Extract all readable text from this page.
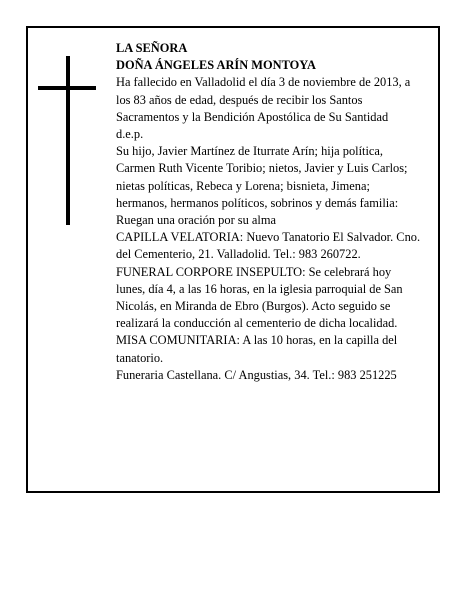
LA SEÑORA

DOÑA ÁNGELES ARÍN MONTOYA

Ha fallecido en Valladolid el día 3 de noviembre de 2013, a los 83 años de edad, después de recibir los Santos Sacramentos y la Bendición Apostólica de Su Santidad

d.e.p.

Su hijo, Javier Martínez de Iturrate Arín; hija política, Carmen Ruth Vicente Toribio; nietos, Javier y Luis Carlos; nietas políticas, Rebeca y Lorena; bisnieta, Jimena; hermanos, hermanos políticos, sobrinos y demás familia:

Ruegan una oración por su alma

CAPILLA VELATORIA: Nuevo Tanatorio El Salvador. Cno. del Cementerio, 21. Valladolid. Tel.: 983 260722.

FUNERAL CORPORE INSEPULTO: Se celebrará hoy lunes, día 4, a las 16 horas, en la iglesia parroquial de San Nicolás, en Miranda de Ebro (Burgos). Acto seguido se realizará la conducción al cementerio de dicha localidad. MISA COMUNITARIA: A las 10 horas, en la capilla del tanatorio.

Funeraria Castellana. C/ Angustias, 34. Tel.: 983 251225
